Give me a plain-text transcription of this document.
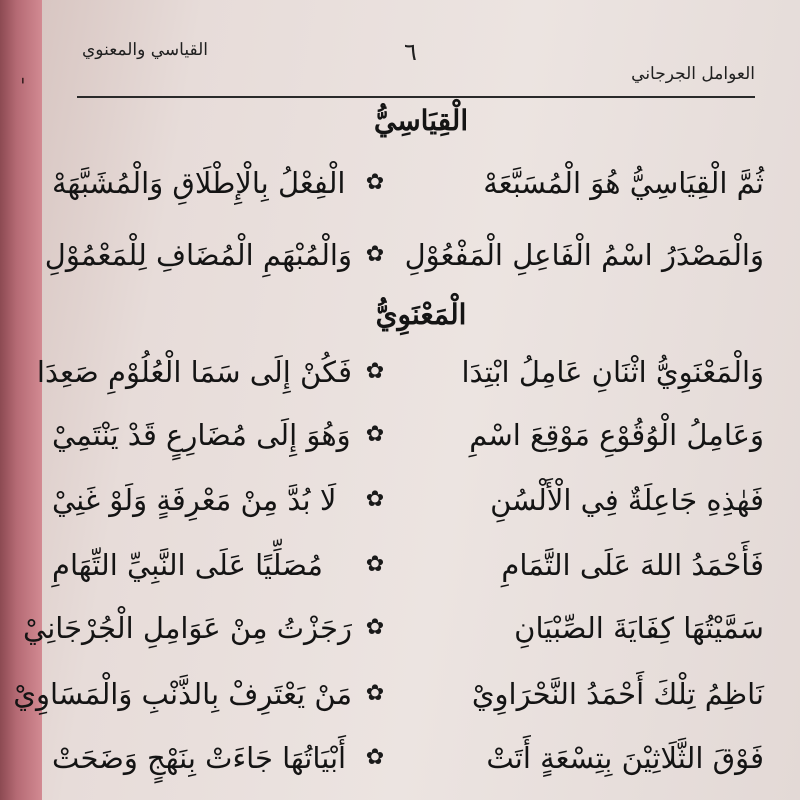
ـ	العوامل الجرجاني
٦
القياسي والمعنوي
الْقِيَاسِيُّ
ثُمَّ الْقِيَاسِيُّ هُوَ الْمُسَبَّعَهْ
✿
الْفِعْلُ بِالْإِطْلَاقِ وَالْمُشَبَّهَهْ
وَالْمَصْدَرُ اسْمُ الْفَاعِلِ الْمَفْعُوْلِ
✿
وَالْمُبْهَمِ الْمُضَافِ لِلْمَعْمُوْلِ
الْمَعْنَوِيُّ
وَالْمَعْنَوِيُّ اثْنَانِ عَامِلُ ابْتِدَا
✿
فَكُنْ إِلَى سَمَا الْعُلُوْمِ صَعِدَا
وَعَامِلُ الْوُقُوْعِ مَوْقِعَ اسْمِ
✿
وَهُوَ إِلَى مُضَارِعٍ قَدْ يَنْتَمِيْ
فَهٰذِهِ جَاعِلَةٌ فِي الْأَلْسُنِ
✿
لَا بُدَّ مِنْ مَعْرِفَةٍ وَلَوْ غَنِيْ
فَأَحْمَدُ اللهَ عَلَى التَّمَامِ
✿
مُصَلِّيًا عَلَى النَّبِيِّ التِّهَامِ
سَمَّيْتُهَا كِفَايَةَ الصِّبْيَانِ
✿
رَجَزْتُ مِنْ عَوَامِلِ الْجُرْجَانِيْ
نَاظِمُ تِلْكَ أَحْمَدُ النَّحْرَاوِيْ
✿
مَنْ يَعْتَرِفْ بِالذَّنْبِ وَالْمَسَاوِيْ
فَوْقَ الثَّلَاثِيْنَ بِتِسْعَةٍ أَتَتْ
✿
أَبْيَاتُهَا جَاءَتْ بِنَهْجٍ وَضَحَتْ
